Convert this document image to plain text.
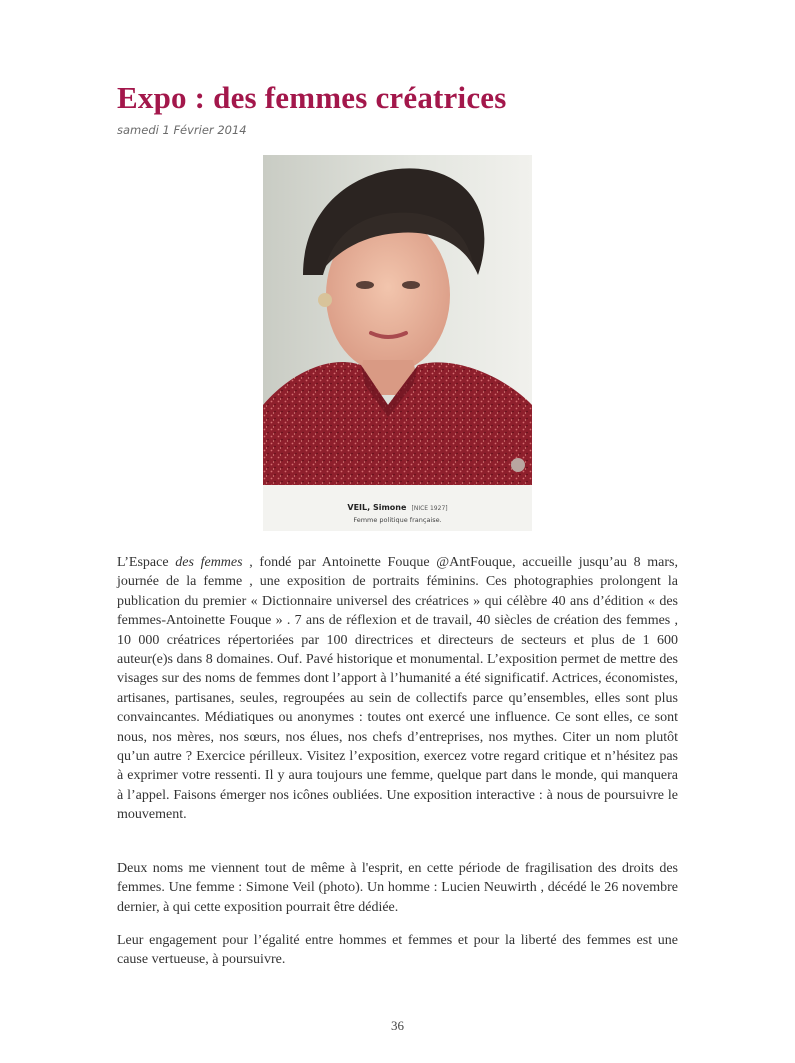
Expo : des femmes créatrices
samedi 1 Février 2014
VEIL, Simone [NICE 1927]
Femme politique française.

L’Espace des femmes , fondé par Antoinette Fouque @AntFouque, accueille jusqu’au 8 mars, journée de la femme , une exposition de portraits féminins. Ces photographies prolongent la publication du premier « Dictionnaire universel des créatrices » qui célèbre 40 ans d’édition « des femmes-Antoinette Fouque » . 7 ans de réflexion et de travail, 40 siècles de création des femmes , 10 000 créatrices répertoriées par 100 directrices et directeurs de secteurs et plus de 1 600 auteur(e)s dans 8 domaines. Ouf. Pavé historique et monumental. L’exposition permet de mettre des visages sur des noms de femmes dont l’apport à l’humanité a été significatif. Actrices, économistes, artisanes, partisanes, seules, regroupées au sein de collectifs parce qu’ensembles, elles sont plus convaincantes. Médiatiques ou anonymes : toutes ont exercé une influence. Ce sont elles, ce sont nous, nos mères, nos sœurs, nos élues, nos chefs d’entreprises, nos mythes. Citer un nom plutôt qu’un autre ? Exercice périlleux. Visitez l’exposition, exercez votre regard critique et n’hésitez pas à exprimer votre ressenti. Il y aura toujours une femme, quelque part dans le monde, qui manquera à l’appel. Faisons émerger nos icônes oubliées. Une exposition interactive : à nous de poursuivre le mouvement.

Deux noms me viennent tout de même à l'esprit, en cette période de fragilisation des droits des femmes. Une femme : Simone Veil (photo). Un homme : Lucien Neuwirth , décédé le 26 novembre dernier, à qui cette exposition pourrait être dédiée.

Leur engagement pour l’égalité entre hommes et femmes et pour la liberté des femmes est une cause vertueuse, à poursuivre.

36
